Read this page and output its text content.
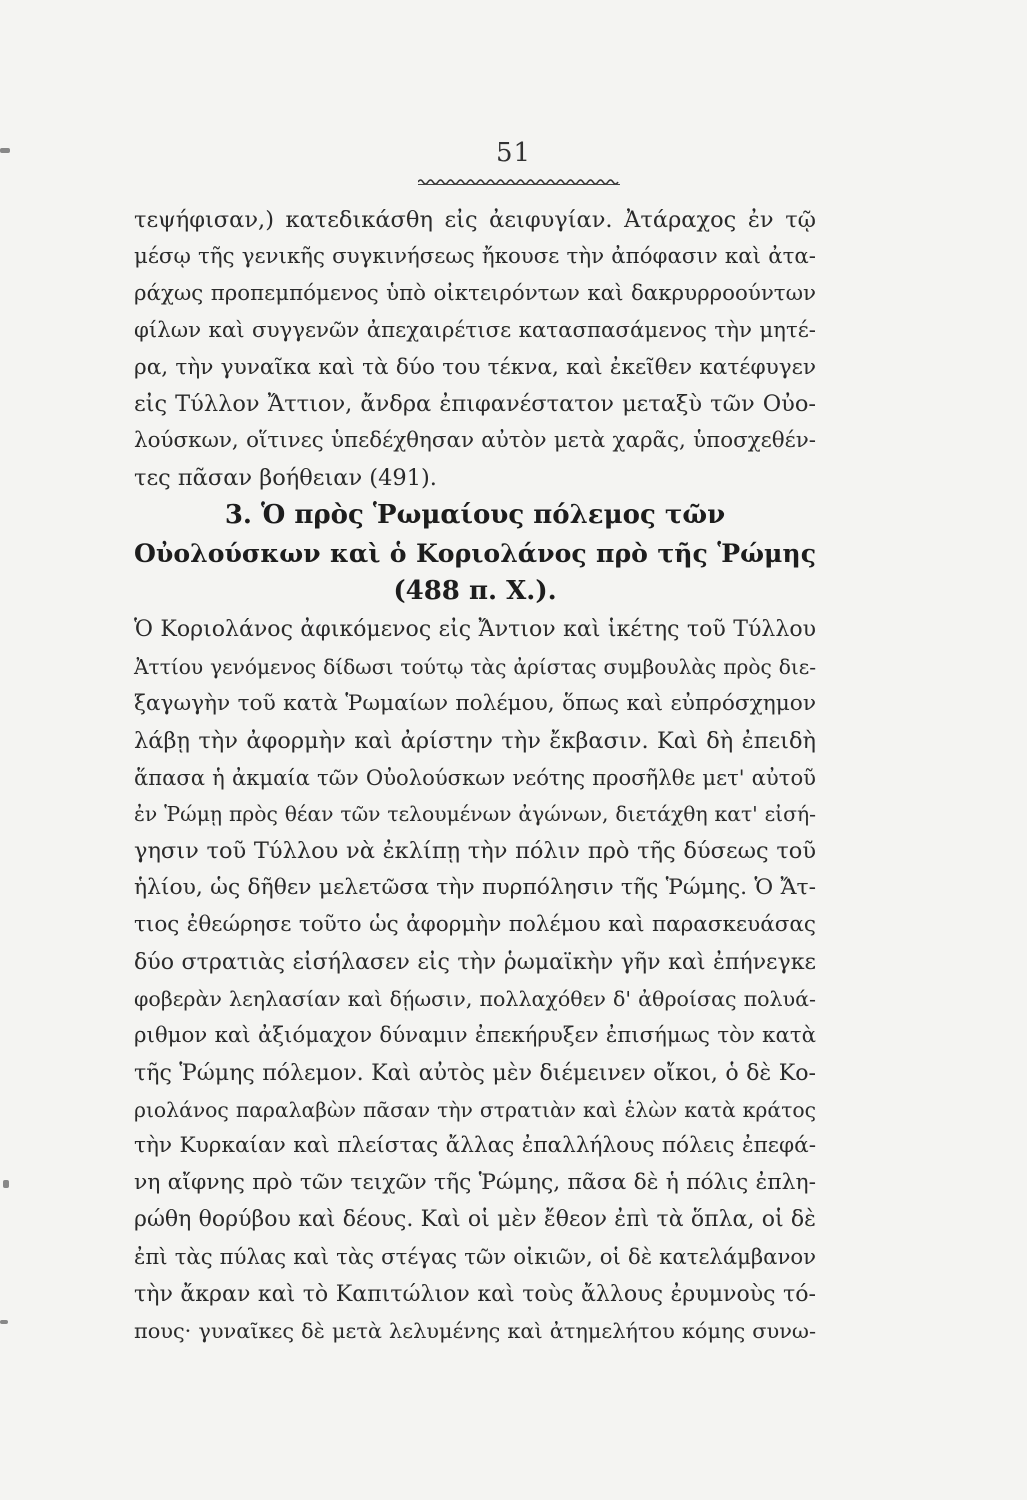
51
τεψήφισαν,) κατεδικάσθη εἰς ἀειφυγίαν. Ἀτάραχος ἐν τῷ
μέσῳ τῆς γενικῆς συγκινήσεως ἤκουσε τὴν ἀπόφασιν καὶ ἀτα-
ράχως προπεμπόμενος ὑπὸ οἰκτειρόντων καὶ δακρυρροούντων
φίλων καὶ συγγενῶν ἀπεχαιρέτισε κατασπασάμενος τὴν μητέ-
ρα, τὴν γυναῖκα καὶ τὰ δύο του τέκνα, καὶ ἐκεῖθεν κατέφυγεν
εἰς Τύλλον Ἄττιον, ἄνδρα ἐπιφανέστατον μεταξὺ τῶν Οὐο-
λούσκων, οἵτινες ὑπεδέχθησαν αὐτὸν μετὰ χαρᾶς, ὑποσχεθέν-
τες πᾶσαν βοήθειαν (491).
3. Ὁ πρὸς Ῥωμαίους πόλεμος τῶν
Οὐολούσκων καὶ ὁ Κοριολάνος πρὸ τῆς Ῥώμης
(488 π. Χ.).
Ὁ Κοριολάνος ἀφικόμενος εἰς Ἄντιον καὶ ἱκέτης τοῦ Τύλλου
Ἀττίου γενόμενος δίδωσι τούτῳ τὰς ἀρίστας συμβουλὰς πρὸς διε-
ξαγωγὴν τοῦ κατὰ Ῥωμαίων πολέμου, ὅπως καὶ εὐπρόσχημον
λάβῃ τὴν ἀφορμὴν καὶ ἀρίστην τὴν ἔκβασιν. Καὶ δὴ ἐπειδὴ
ἅπασα ἡ ἀκμαία τῶν Οὐολούσκων νεότης προσῆλθε μετ' αὐτοῦ
ἐν Ῥώμῃ πρὸς θέαν τῶν τελουμένων ἀγώνων, διετάχθη κατ' εἰσή-
γησιν τοῦ Τύλλου νὰ ἐκλίπῃ τὴν πόλιν πρὸ τῆς δύσεως τοῦ
ἡλίου, ὡς δῆθεν μελετῶσα τὴν πυρπόλησιν τῆς Ῥώμης. Ὁ Ἄτ-
τιος ἐθεώρησε τοῦτο ὡς ἀφορμὴν πολέμου καὶ παρασκευάσας
δύο στρατιὰς εἰσήλασεν εἰς τὴν ῥωμαϊκὴν γῆν καὶ ἐπήνεγκε
φοβερὰν λεηλασίαν καὶ δῄωσιν, πολλαχόθεν δ' ἀθροίσας πολυά-
ριθμον καὶ ἀξιόμαχον δύναμιν ἐπεκήρυξεν ἐπισήμως τὸν κατὰ
τῆς Ῥώμης πόλεμον. Καὶ αὐτὸς μὲν διέμεινεν οἴκοι, ὁ δὲ Κο-
ριολάνος παραλαβὼν πᾶσαν τὴν στρατιὰν καὶ ἑλὼν κατὰ κράτος
τὴν Κυρκαίαν καὶ πλείστας ἄλλας ἐπαλλήλους πόλεις ἐπεφά-
νη αἴφνης πρὸ τῶν τειχῶν τῆς Ῥώμης, πᾶσα δὲ ἡ πόλις ἐπλη-
ρώθη θορύβου καὶ δέους. Καὶ οἱ μὲν ἔθεον ἐπὶ τὰ ὅπλα, οἱ δὲ
ἐπὶ τὰς πύλας καὶ τὰς στέγας τῶν οἰκιῶν, οἱ δὲ κατελάμβανον
τὴν ἄκραν καὶ τὸ Καπιτώλιον καὶ τοὺς ἄλλους ἐρυμνοὺς τό-
πους· γυναῖκες δὲ μετὰ λελυμένης καὶ ἀτημελήτου κόμης συνω-
